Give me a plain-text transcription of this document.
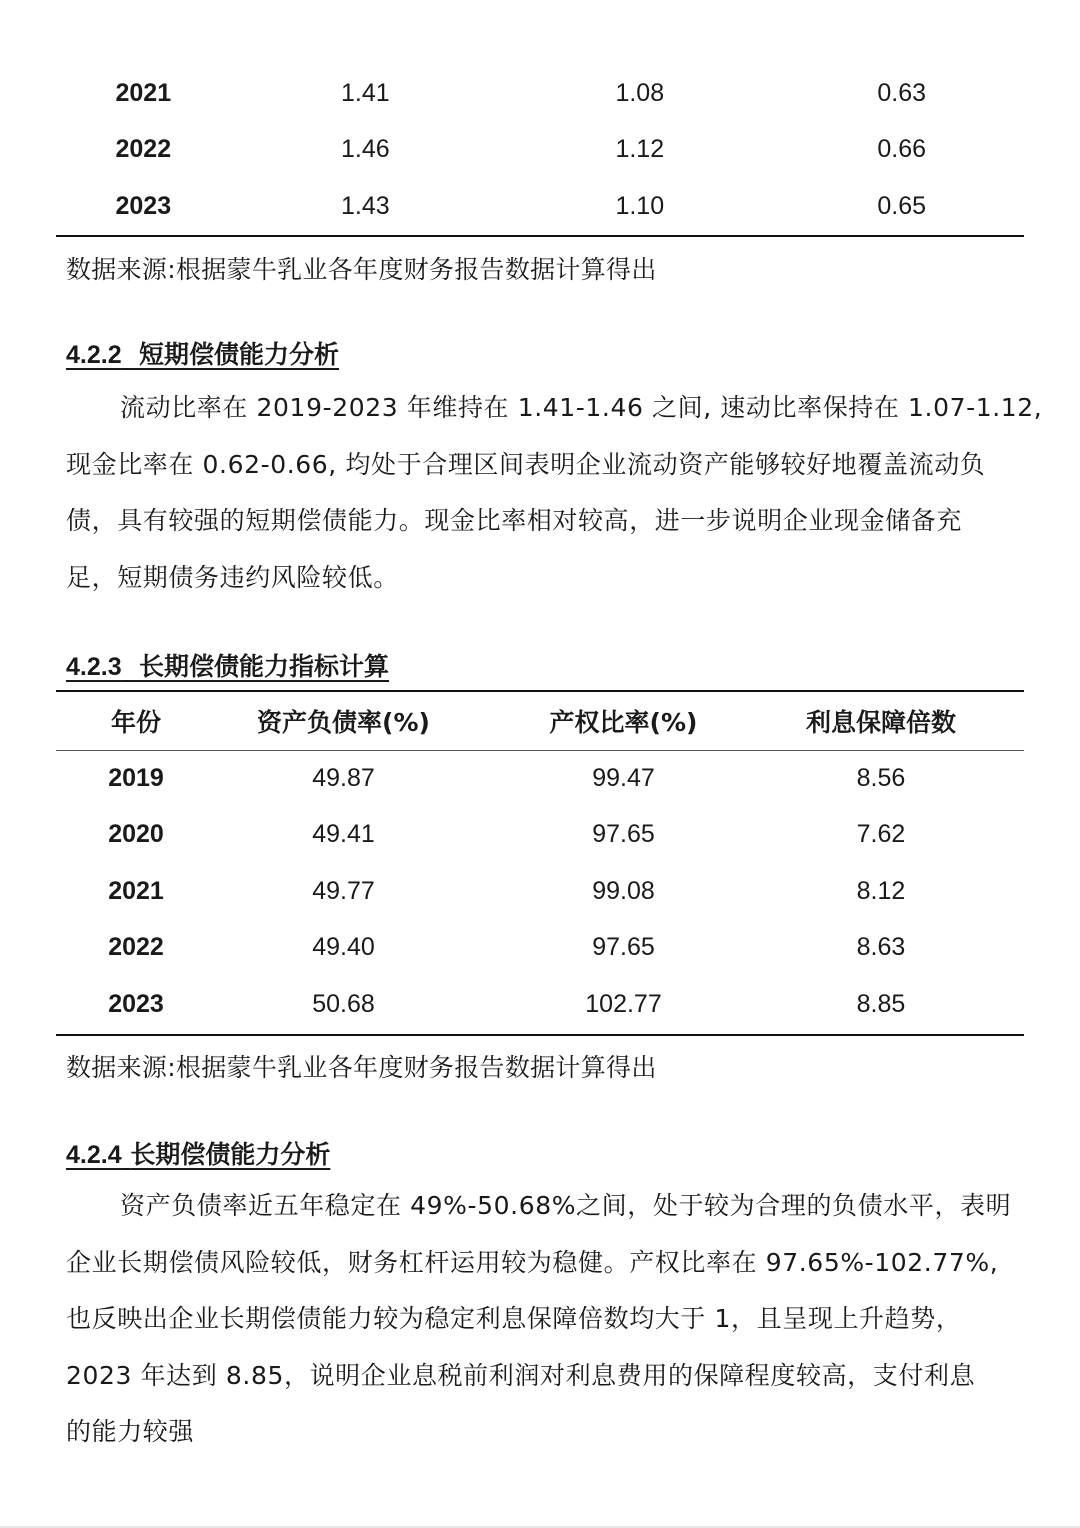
2021	1.41	1.08	0.63
2022	1.46	1.12	0.66
2023	1.43	1.10	0.65
数据来源:根据蒙牛乳业各年度财务报告数据计算得出
4.2.2 短期偿债能力分析
流动比率在 2019-2023 年维持在 1.41-1.46 之间, 速动比率保持在 1.07-1.12,
现金比率在 0.62-0.66, 均处于合理区间表明企业流动资产能够较好地覆盖流动负
债，具有较强的短期偿债能力。现金比率相对较高，进一步说明企业现金储备充
足，短期债务违约风险较低。
4.2.3 长期偿债能力指标计算
年份	资产负债率(%)	产权比率(%)	利息保障倍数
2019	49.87	99.47	8.56
2020	49.41	97.65	7.62
2021	49.77	99.08	8.12
2022	49.40	97.65	8.63
2023	50.68	102.77	8.85
数据来源:根据蒙牛乳业各年度财务报告数据计算得出
4.2.4 长期偿债能力分析
资产负债率近五年稳定在 49%-50.68%之间，处于较为合理的负债水平，表明
企业长期偿债风险较低，财务杠杆运用较为稳健。产权比率在 97.65%-102.77%,
也反映出企业长期偿债能力较为稳定利息保障倍数均大于 1，且呈现上升趋势，
2023 年达到 8.85，说明企业息税前利润对利息费用的保障程度较高，支付利息
的能力较强
